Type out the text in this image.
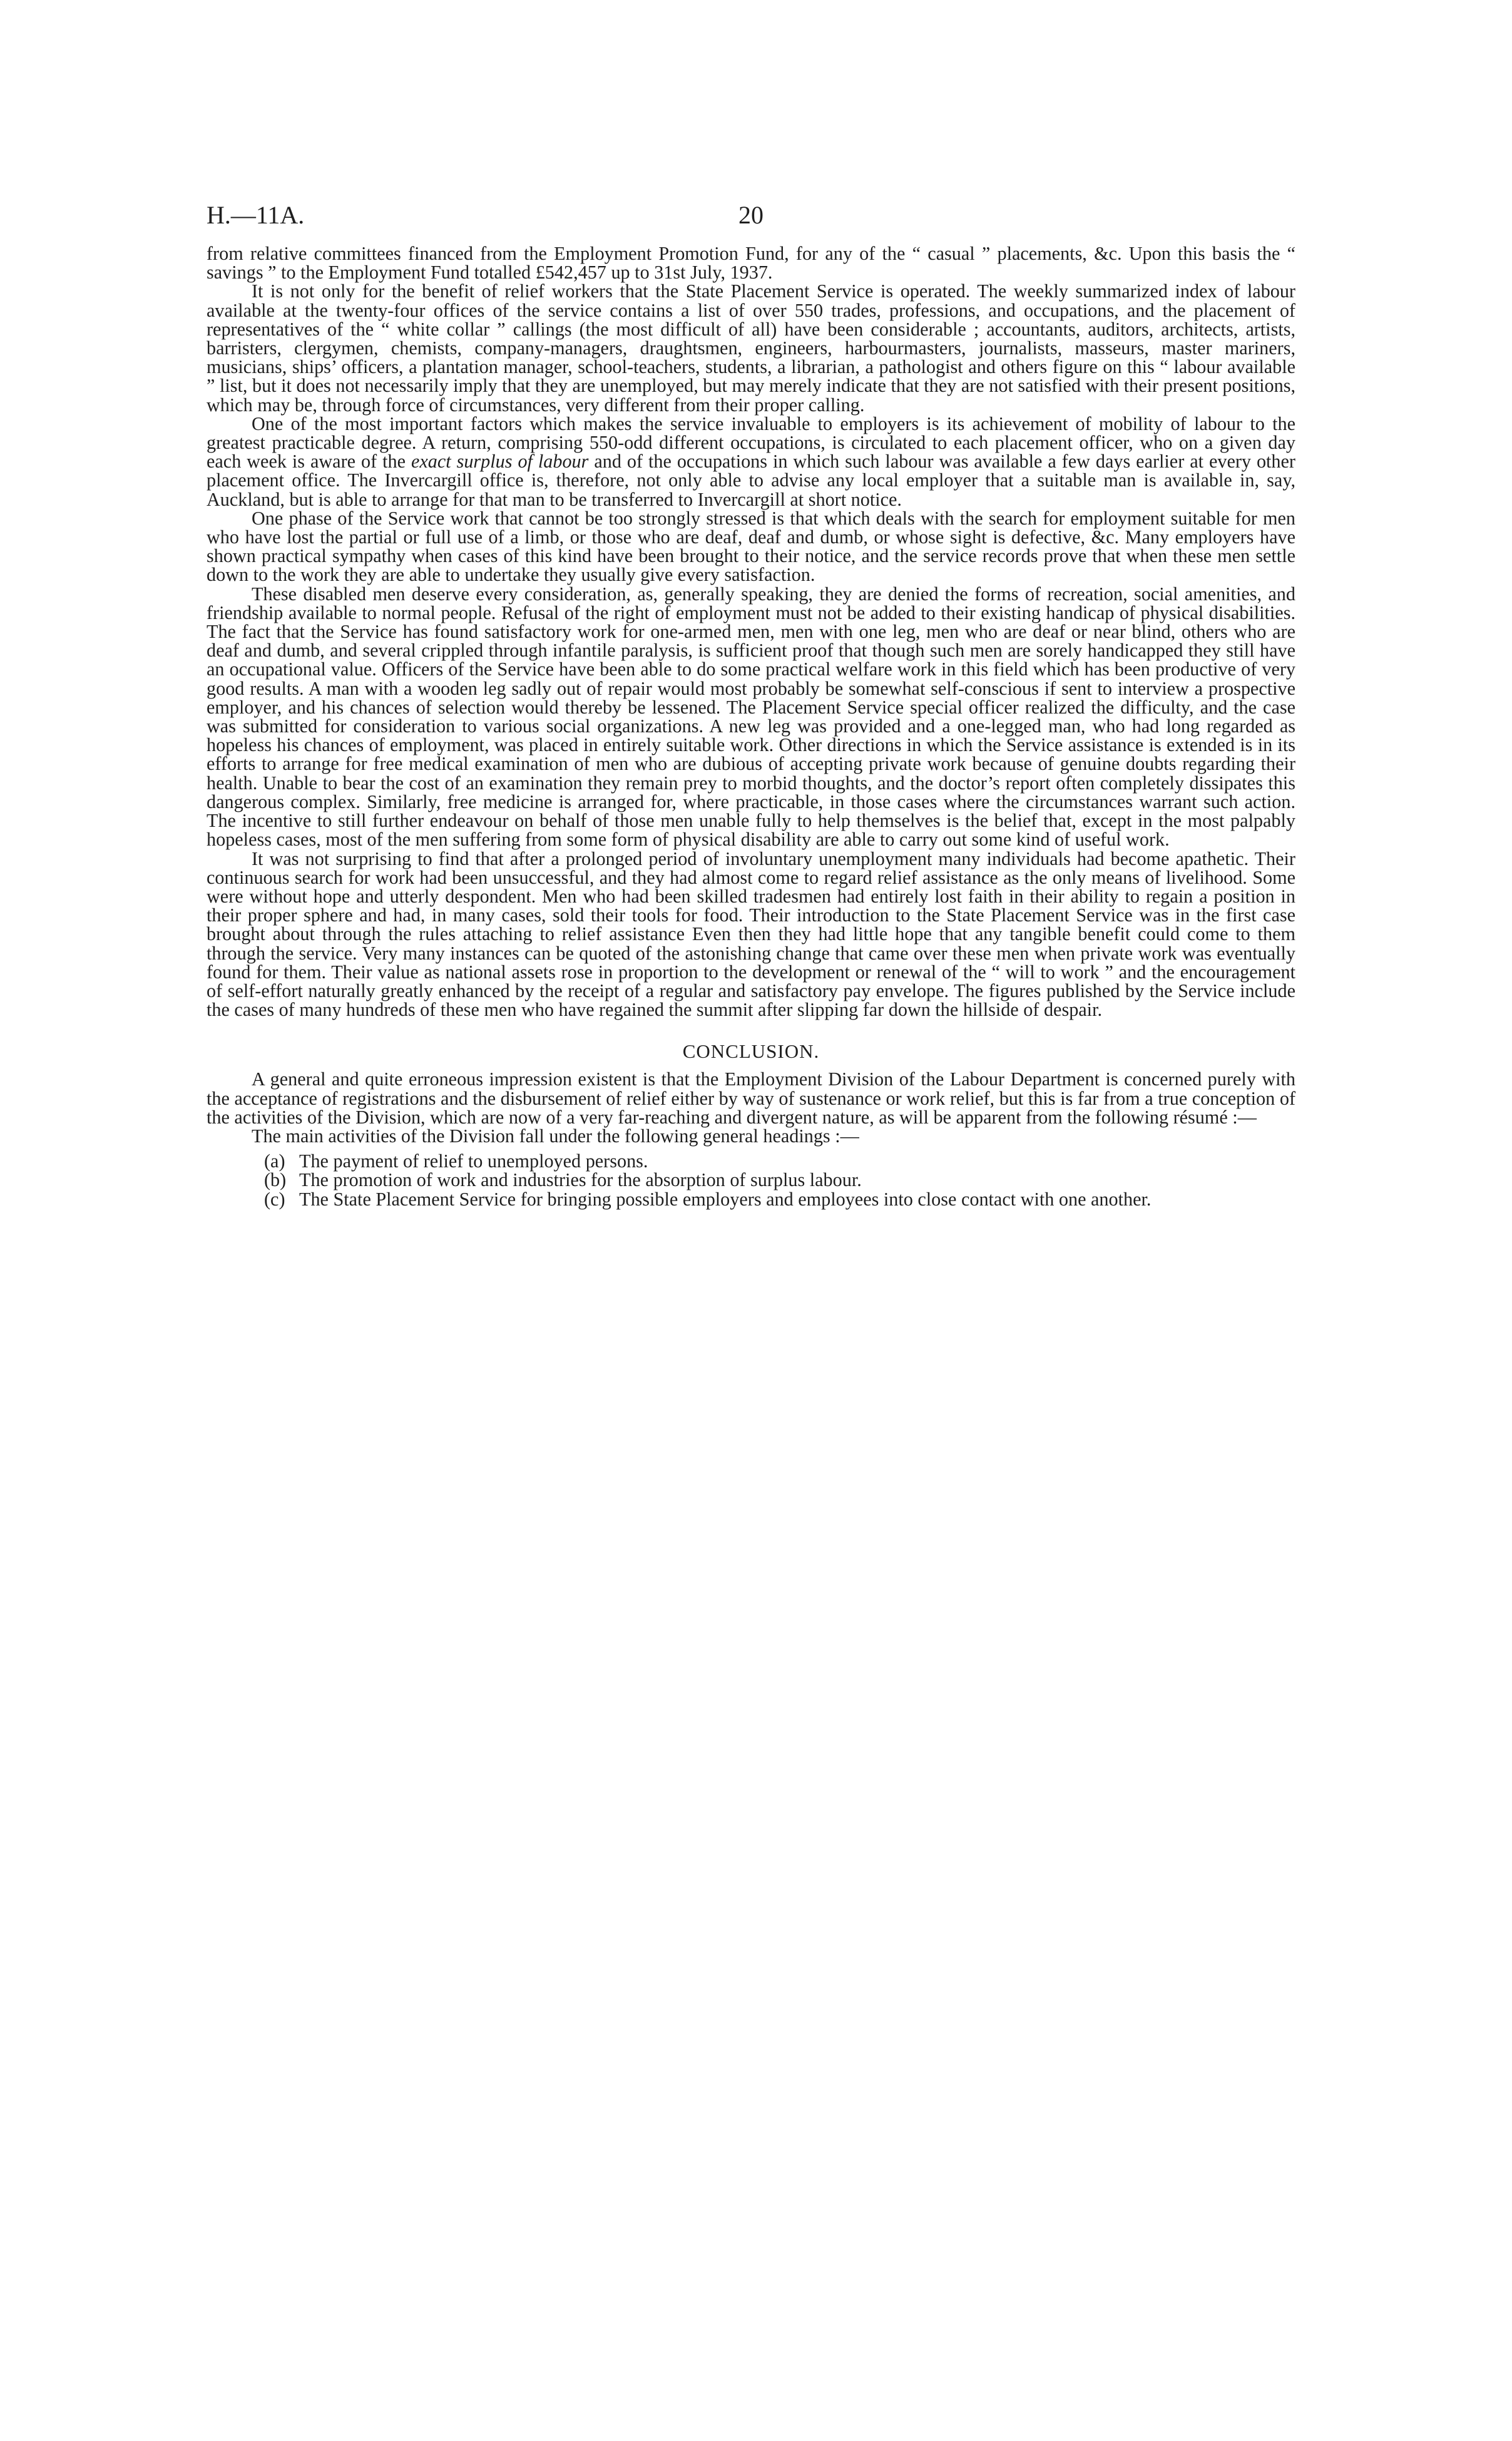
H.—11A.	20

from relative committees financed from the Employment Promotion Fund, for any of the “ casual ” placements, &c. Upon this basis the “ savings ” to the Employment Fund totalled £542,457 up to 31st July, 1937.

It is not only for the benefit of relief workers that the State Placement Service is operated. The weekly summarized index of labour available at the twenty-four offices of the service contains a list of over 550 trades, professions, and occupations, and the placement of representatives of the “ white collar ” callings (the most difficult of all) have been considerable ; accountants, auditors, architects, artists, barristers, clergymen, chemists, company-managers, draughtsmen, engineers, harbourmasters, journalists, masseurs, master mariners, musicians, ships’ officers, a plantation manager, school-teachers, students, a librarian, a pathologist and others figure on this “ labour available ” list, but it does not necessarily imply that they are unemployed, but may merely indicate that they are not satisfied with their present positions, which may be, through force of circumstances, very different from their proper calling.

One of the most important factors which makes the service invaluable to employers is its achievement of mobility of labour to the greatest practicable degree. A return, comprising 550-odd different occupations, is circulated to each placement officer, who on a given day each week is aware of the exact surplus of labour and of the occupations in which such labour was available a few days earlier at every other placement office. The Invercargill office is, therefore, not only able to advise any local employer that a suitable man is available in, say, Auckland, but is able to arrange for that man to be transferred to Invercargill at short notice.

One phase of the Service work that cannot be too strongly stressed is that which deals with the search for employment suitable for men who have lost the partial or full use of a limb, or those who are deaf, deaf and dumb, or whose sight is defective, &c. Many employers have shown practical sympathy when cases of this kind have been brought to their notice, and the service records prove that when these men settle down to the work they are able to undertake they usually give every satisfaction.

These disabled men deserve every consideration, as, generally speaking, they are denied the forms of recreation, social amenities, and friendship available to normal people. Refusal of the right of employment must not be added to their existing handicap of physical disabilities. The fact that the Service has found satisfactory work for one-armed men, men with one leg, men who are deaf or near blind, others who are deaf and dumb, and several crippled through infantile paralysis, is sufficient proof that though such men are sorely handicapped they still have an occupational value. Officers of the Service have been able to do some practical welfare work in this field which has been productive of very good results. A man with a wooden leg sadly out of repair would most probably be somewhat self-conscious if sent to interview a prospective employer, and his chances of selection would thereby be lessened. The Placement Service special officer realized the difficulty, and the case was submitted for consideration to various social organizations. A new leg was provided and a one-legged man, who had long regarded as hopeless his chances of employment, was placed in entirely suitable work. Other directions in which the Service assistance is extended is in its efforts to arrange for free medical examination of men who are dubious of accepting private work because of genuine doubts regarding their health. Unable to bear the cost of an examination they remain prey to morbid thoughts, and the doctor’s report often completely dissipates this dangerous complex. Similarly, free medicine is arranged for, where practicable, in those cases where the circumstances warrant such action. The incentive to still further endeavour on behalf of those men unable fully to help themselves is the belief that, except in the most palpably hopeless cases, most of the men suffering from some form of physical disability are able to carry out some kind of useful work.

It was not surprising to find that after a prolonged period of involuntary unemployment many individuals had become apathetic. Their continuous search for work had been unsuccessful, and they had almost come to regard relief assistance as the only means of livelihood. Some were without hope and utterly despondent. Men who had been skilled tradesmen had entirely lost faith in their ability to regain a position in their proper sphere and had, in many cases, sold their tools for food. Their introduction to the State Placement Service was in the first case brought about through the rules attaching to relief assistance Even then they had little hope that any tangible benefit could come to them through the service. Very many instances can be quoted of the astonishing change that came over these men when private work was eventually found for them. Their value as national assets rose in proportion to the development or renewal of the “ will to work ” and the encouragement of self-effort naturally greatly enhanced by the receipt of a regular and satisfactory pay envelope. The figures published by the Service include the cases of many hundreds of these men who have regained the summit after slipping far down the hillside of despair.

CONCLUSION.

A general and quite erroneous impression existent is that the Employment Division of the Labour Department is concerned purely with the acceptance of registrations and the disbursement of relief either by way of sustenance or work relief, but this is far from a true conception of the activities of the Division, which are now of a very far-reaching and divergent nature, as will be apparent from the following résumé :—

The main activities of the Division fall under the following general headings :—

(a) The payment of relief to unemployed persons.
(b) The promotion of work and industries for the absorption of surplus labour.
(c) The State Placement Service for bringing possible employers and employees into close contact with one another.
